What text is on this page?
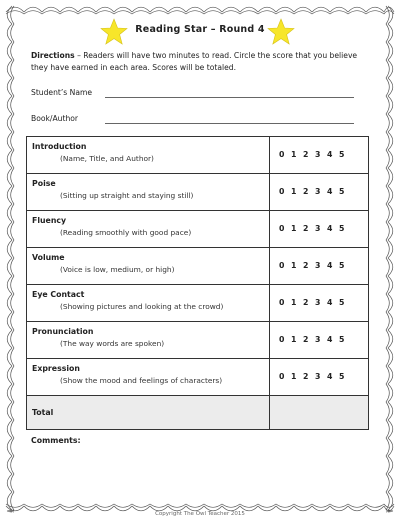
Reading Star – Round 4
Directions – Readers will have two minutes to read. Circle the score that you believe they have earned in each area. Scores will be totaled.
Student’s Name
Book/Author
Introduction
(Name, Title, and Author)	0 1 2 3 4 5
Poise
(Sitting up straight and staying still)	0 1 2 3 4 5
Fluency
(Reading smoothly with good pace)	0 1 2 3 4 5
Volume
(Voice is low, medium, or high)	0 1 2 3 4 5
Eye Contact
(Showing pictures and looking at the crowd)	0 1 2 3 4 5
Pronunciation
(The way words are spoken)	0 1 2 3 4 5
Expression
(Show the mood and feelings of characters)	0 1 2 3 4 5
Total
Comments:
Copyright The Owl Teacher 2015
